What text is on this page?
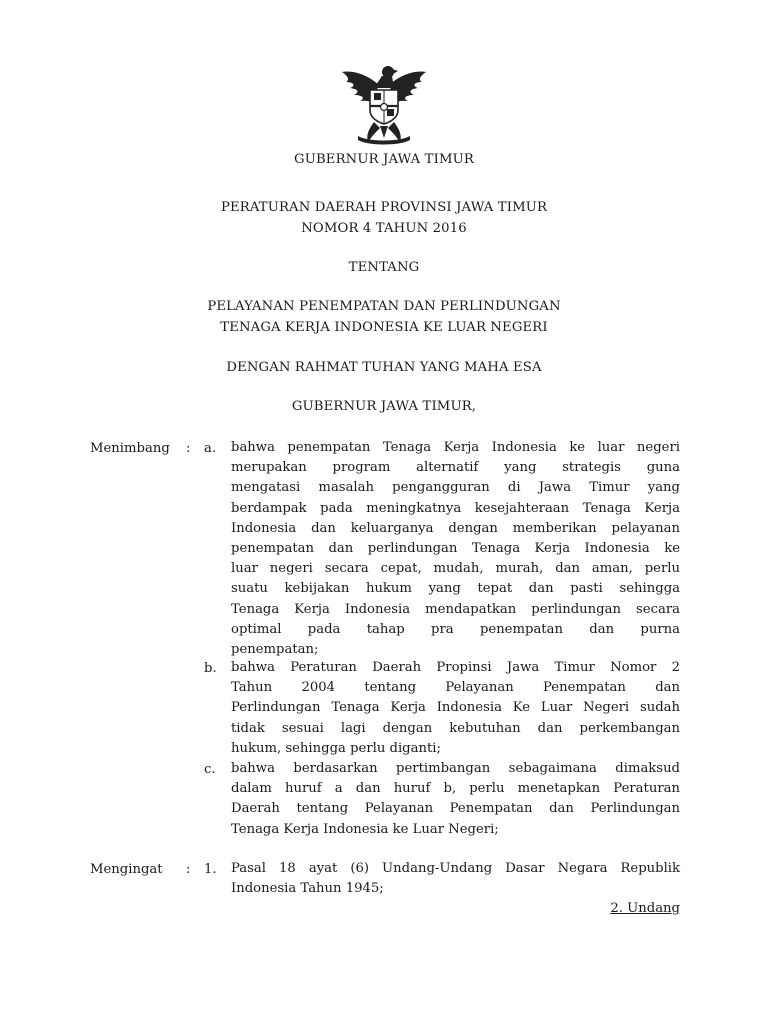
GUBERNUR JAWA TIMUR
PERATURAN DAERAH PROVINSI JAWA TIMUR
NOMOR 4 TAHUN 2016
TENTANG
PELAYANAN PENEMPATAN DAN PERLINDUNGAN
TENAGA KERJA INDONESIA KE LUAR NEGERI
DENGAN RAHMAT TUHAN YANG MAHA ESA
GUBERNUR JAWA TIMUR,
Menimbang : a. bahwa penempatan Tenaga Kerja Indonesia ke luar negeri
merupakan program alternatif yang strategis guna
mengatasi masalah pengangguran di Jawa Timur yang
berdampak pada meningkatnya kesejahteraan Tenaga Kerja
Indonesia dan keluarganya dengan memberikan pelayanan
penempatan dan perlindungan Tenaga Kerja Indonesia ke
luar negeri secara cepat, mudah, murah, dan aman, perlu
suatu kebijakan hukum yang tepat dan pasti sehingga
Tenaga Kerja Indonesia mendapatkan perlindungan secara
optimal pada tahap pra penempatan dan purna
penempatan;
b. bahwa Peraturan Daerah Propinsi Jawa Timur Nomor 2
Tahun 2004 tentang Pelayanan Penempatan dan
Perlindungan Tenaga Kerja Indonesia Ke Luar Negeri sudah
tidak sesuai lagi dengan kebutuhan dan perkembangan
hukum, sehingga perlu diganti;
c. bahwa berdasarkan pertimbangan sebagaimana dimaksud
dalam huruf a dan huruf b, perlu menetapkan Peraturan
Daerah tentang Pelayanan Penempatan dan Perlindungan
Tenaga Kerja Indonesia ke Luar Negeri;
Mengingat : 1. Pasal 18 ayat (6) Undang-Undang Dasar Negara Republik
Indonesia Tahun 1945;
2. Undang
